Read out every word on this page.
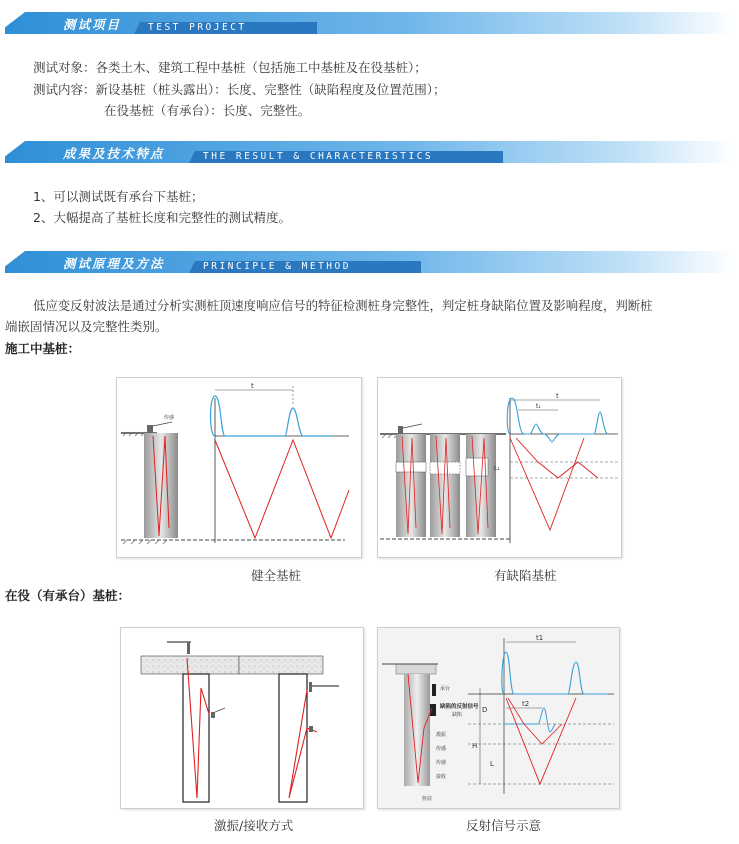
测试项目	TEST PROJECT
测试对象：各类土木、建筑工程中基桩（包括施工中基桩及在役基桩）；
测试内容：新设基桩（桩头露出）：长度、完整性（缺陷程度及位置范围）；
在役基桩（有承台）：长度、完整性。
成果及技术特点	THE RESULT & CHARACTERISTICS
1、可以测试既有承台下基桩；
2、大幅提高了基桩长度和完整性的测试精度。
测试原理及方法	PRINCIPLE & METHOD
低应变反射波法是通过分析实测桩顶速度响应信号的特征检测桩身完整性，判定桩身缺陷位置及影响程度，判断桩
端嵌固情况以及完整性类别。
施工中基桩：
传感
t
健全基桩
t
t₁
L₁
有缺陷基桩
在役（有承台）基桩：
激振/接收方式
承台
缺陷的反射信号
缺陷
激振
传感
传感
桩底
接收
D
H
L
t1
t2
反射信号示意
